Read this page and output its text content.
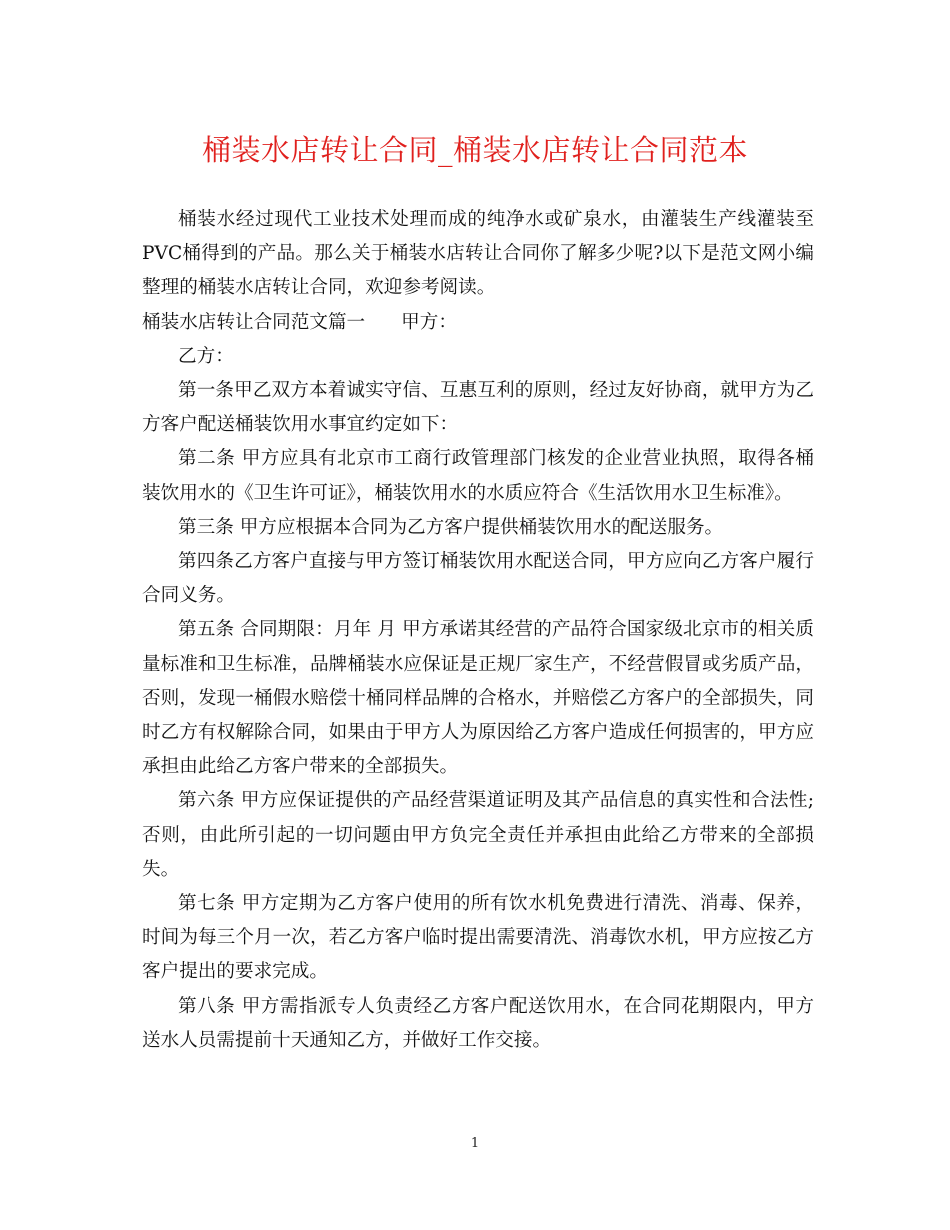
桶装水店转让合同_桶装水店转让合同范本

桶装水经过现代工业技术处理而成的纯净水或矿泉水，由灌装生产线灌装至PVC桶得到的产品。那么关于桶装水店转让合同你了解多少呢?以下是范文网小编整理的桶装水店转让合同，欢迎参考阅读。

桶装水店转让合同范文篇一 甲方：

乙方：

第一条甲乙双方本着诚实守信、互惠互利的原则，经过友好协商，就甲方为乙方客户配送桶装饮用水事宜约定如下：

第二条 甲方应具有北京市工商行政管理部门核发的企业营业执照，取得各桶装饮用水的《卫生许可证》，桶装饮用水的水质应符合《生活饮用水卫生标准》。

第三条 甲方应根据本合同为乙方客户提供桶装饮用水的配送服务。

第四条乙方客户直接与甲方签订桶装饮用水配送合同，甲方应向乙方客户履行合同义务。

第五条 合同期限：月年 月 甲方承诺其经营的产品符合国家级北京市的相关质量标准和卫生标准，品牌桶装水应保证是正规厂家生产，不经营假冒或劣质产品，否则，发现一桶假水赔偿十桶同样品牌的合格水，并赔偿乙方客户的全部损失，同时乙方有权解除合同，如果由于甲方人为原因给乙方客户造成任何损害的，甲方应承担由此给乙方客户带来的全部损失。

第六条 甲方应保证提供的产品经营渠道证明及其产品信息的真实性和合法性;否则，由此所引起的一切问题由甲方负完全责任并承担由此给乙方带来的全部损失。

第七条 甲方定期为乙方客户使用的所有饮水机免费进行清洗、消毒、保养，时间为每三个月一次，若乙方客户临时提出需要清洗、消毒饮水机，甲方应按乙方客户提出的要求完成。

第八条 甲方需指派专人负责经乙方客户配送饮用水，在合同花期限内，甲方送水人员需提前十天通知乙方，并做好工作交接。

1
